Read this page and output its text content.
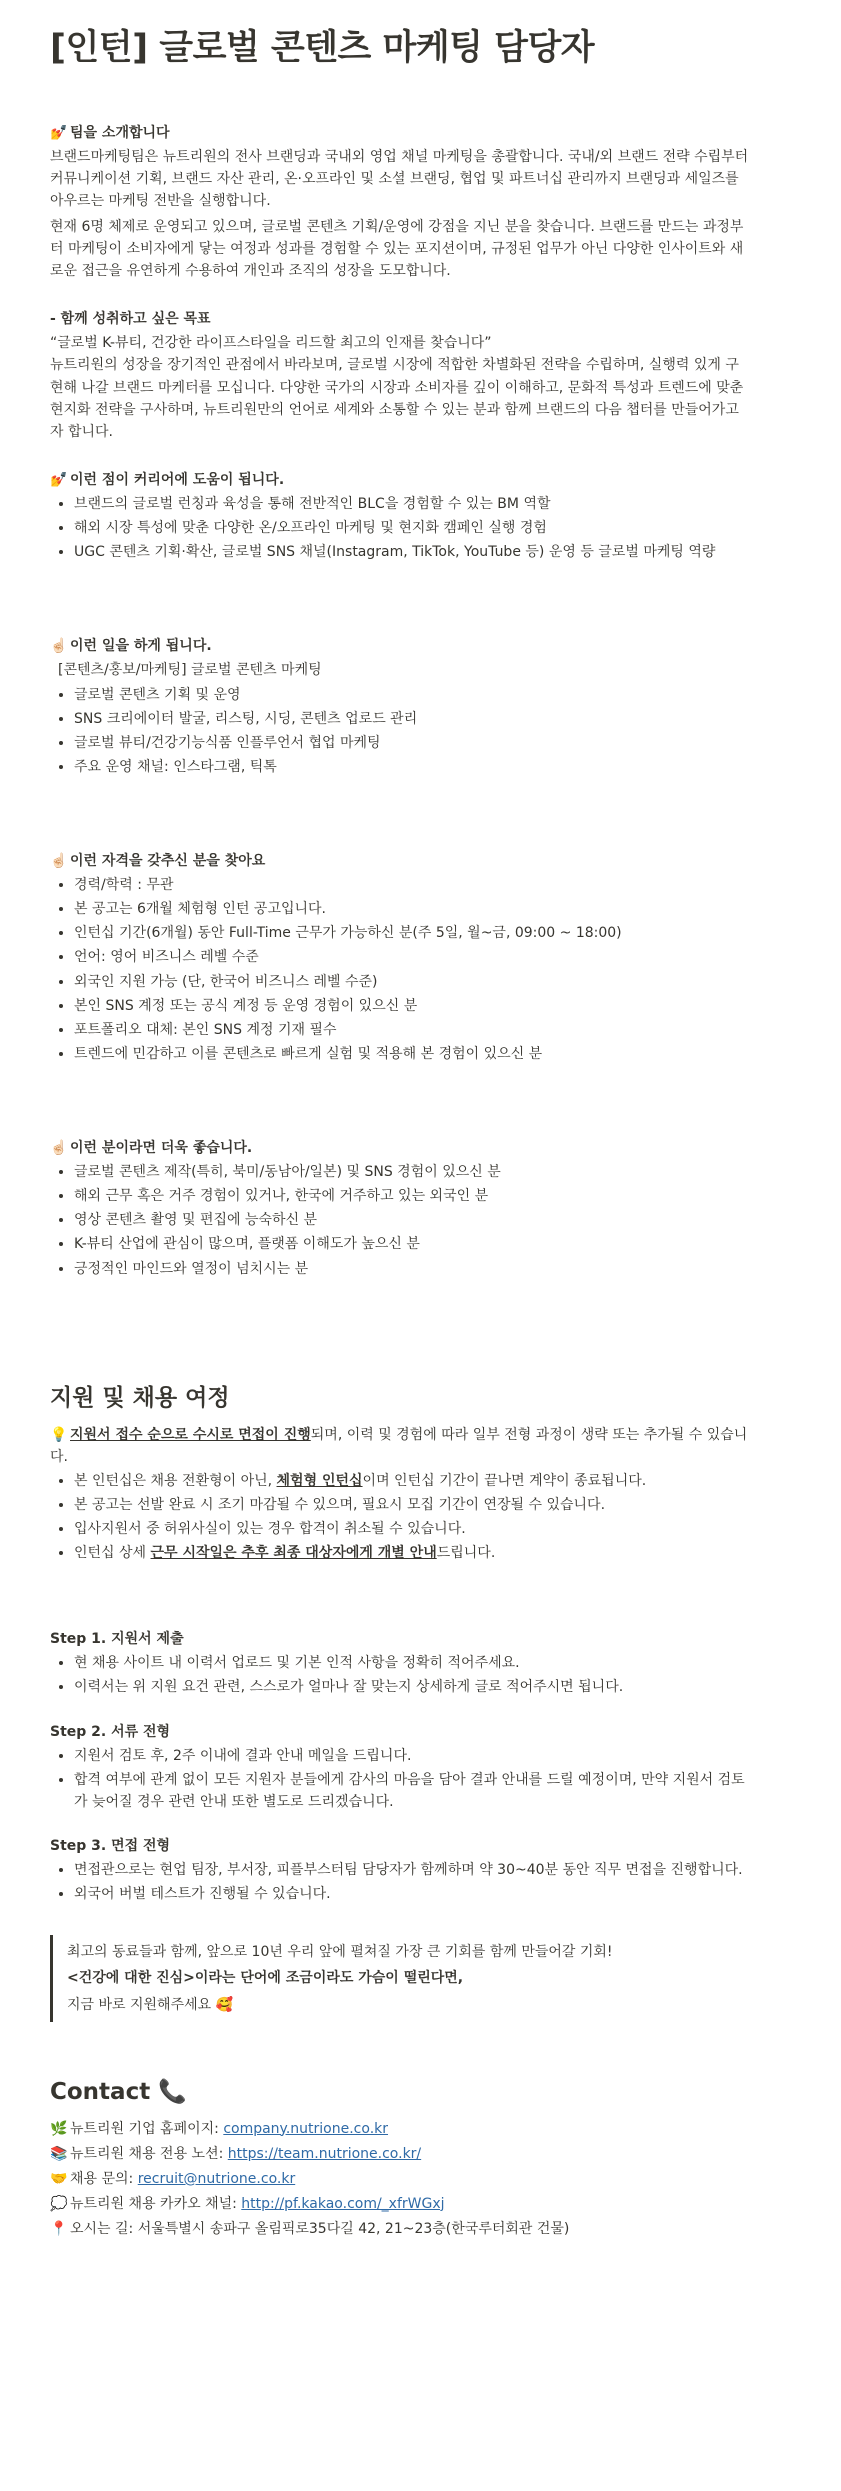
[인턴] 글로벌 콘텐츠 마케팅 담당자
💅 팀을 소개합니다

브랜드마케팅팀은 뉴트리원의 전사 브랜딩과 국내외 영업 채널 마케팅을 총괄합니다. 국내/외 브랜드 전략 수립부터 커뮤니케이션 기획, 브랜드 자산 관리, 온·오프라인 및 소셜 브랜딩, 협업 및 파트너십 관리까지 브랜딩과 세일즈를 아우르는 마케팅 전반을 실행합니다.

현재 6명 체제로 운영되고 있으며, 글로벌 콘텐츠 기획/운영에 강점을 지닌 분을 찾습니다. 브랜드를 만드는 과정부터 마케팅이 소비자에게 닿는 여정과 성과를 경험할 수 있는 포지션이며, 규정된 업무가 아닌 다양한 인사이트와 새로운 접근을 유연하게 수용하여 개인과 조직의 성장을 도모합니다.

- 함께 성취하고 싶은 목표

“글로벌 K-뷰티, 건강한 라이프스타일을 리드할 최고의 인재를 찾습니다”

뉴트리원의 성장을 장기적인 관점에서 바라보며, 글로벌 시장에 적합한 차별화된 전략을 수립하며, 실행력 있게 구현해 나갈 브랜드 마케터를 모십니다. 다양한 국가의 시장과 소비자를 깊이 이해하고, 문화적 특성과 트렌드에 맞춘 현지화 전략을 구사하며, 뉴트리원만의 언어로 세계와 소통할 수 있는 분과 함께 브랜드의 다음 챕터를 만들어가고자 합니다.

💅 이런 점이 커리어에 도움이 됩니다.
• 브랜드의 글로벌 런칭과 육성을 통해 전반적인 BLC을 경험할 수 있는 BM 역할
• 해외 시장 특성에 맞춘 다양한 온/오프라인 마케팅 및 현지화 캠페인 실행 경험
• UGC 콘텐츠 기획·확산, 글로벌 SNS 채널(Instagram, TikTok, YouTube 등) 운영 등 글로벌 마케팅 역량
☝🏻 이런 일을 하게 됩니다.
[콘텐츠/홍보/마케팅] 글로벌 콘텐츠 마케팅
• 글로벌 콘텐츠 기획 및 운영
• SNS 크리에이터 발굴, 리스팅, 시딩, 콘텐츠 업로드 관리
• 글로벌 뷰티/건강기능식품 인플루언서 협업 마케팅
• 주요 운영 채널: 인스타그램, 틱톡
☝🏻 이런 자격을 갖추신 분을 찾아요
• 경력/학력 : 무관
• 본 공고는 6개월 체험형 인턴 공고입니다.
• 인턴십 기간(6개월) 동안 Full-Time 근무가 가능하신 분(주 5일, 월~금, 09:00 ~ 18:00)
• 언어: 영어 비즈니스 레벨 수준
• 외국인 지원 가능 (단, 한국어 비즈니스 레벨 수준)
• 본인 SNS 계정 또는 공식 계정 등 운영 경험이 있으신 분
• 포트폴리오 대체: 본인 SNS 계정 기재 필수
• 트렌드에 민감하고 이를 콘텐츠로 빠르게 실험 및 적용해 본 경험이 있으신 분
☝🏻 이런 분이라면 더욱 좋습니다.
• 글로벌 콘텐츠 제작(특히, 북미/동남아/일본) 및 SNS 경험이 있으신 분
• 해외 근무 혹은 거주 경험이 있거나, 한국에 거주하고 있는 외국인 분
• 영상 콘텐츠 촬영 및 편집에 능숙하신 분
• K-뷰티 산업에 관심이 많으며, 플랫폼 이해도가 높으신 분
• 긍정적인 마인드와 열정이 넘치시는 분
지원 및 채용 여정

💡 지원서 접수 순으로 수시로 면접이 진행되며, 이력 및 경험에 따라 일부 전형 과정이 생략 또는 추가될 수 있습니다.

• 본 인턴십은 채용 전환형이 아닌, 체험형 인턴십이며 인턴십 기간이 끝나면 계약이 종료됩니다.
• 본 공고는 선발 완료 시 조기 마감될 수 있으며, 필요시 모집 기간이 연장될 수 있습니다.
• 입사지원서 중 허위사실이 있는 경우 합격이 취소될 수 있습니다.
• 인턴십 상세 근무 시작일은 추후 최종 대상자에게 개별 안내드립니다.
Step 1. 지원서 제출
• 현 채용 사이트 내 이력서 업로드 및 기본 인적 사항을 정확히 적어주세요.
• 이력서는 위 지원 요건 관련, 스스로가 얼마나 잘 맞는지 상세하게 글로 적어주시면 됩니다.
Step 2. 서류 전형
• 지원서 검토 후, 2주 이내에 결과 안내 메일을 드립니다.
• 합격 여부에 관계 없이 모든 지원자 분들에게 감사의 마음을 담아 결과 안내를 드릴 예정이며, 만약 지원서 검토가 늦어질 경우 관련 안내 또한 별도로 드리겠습니다.
Step 3. 면접 전형
• 면접관으로는 현업 팀장, 부서장, 피플부스터팀 담당자가 함께하며 약 30~40분 동안 직무 면접을 진행합니다.
• 외국어 버벌 테스트가 진행될 수 있습니다.

최고의 동료들과 함께, 앞으로 10년 우리 앞에 펼쳐질 가장 큰 기회를 함께 만들어갈 기회!

<건강에 대한 진심>이라는 단어에 조금이라도 가슴이 떨린다면,

지금 바로 지원해주세요 🥰

Contact 📞
🌿 뉴트리원 기업 홈페이지: company.nutrione.co.kr
📚 뉴트리원 채용 전용 노션: https://team.nutrione.co.kr/
🤝 채용 문의: recruit@nutrione.co.kr
💭 뉴트리원 채용 카카오 채널: http://pf.kakao.com/_xfrWGxj
📍 오시는 길: 서울특별시 송파구 올림픽로35다길 42, 21~23층(한국루터회관 건물)
